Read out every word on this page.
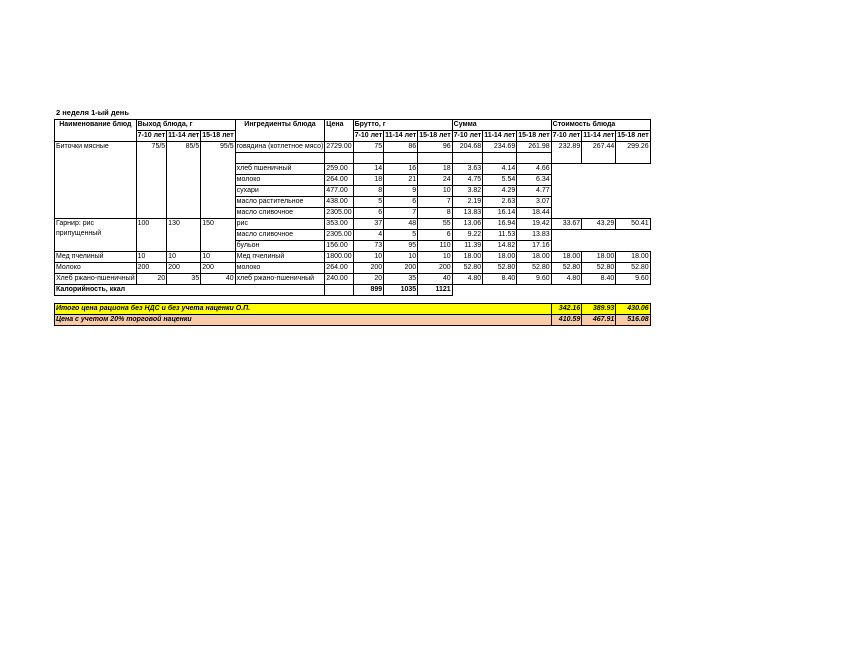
2 неделя 1-ый день
Наименование блюд	Выход блюда, г			Ингредиенты блюда	Цена	Брутто, г			Сумма			Стоимость блюда		
	7-10 лет	11-14 лет	15-18 лет			7-10 лет	11-14 лет	15-18 лет	7-10 лет	11-14 лет	15-18 лет	7-10 лет	11-14 лет	15-18 лет
Биточки мясные	75/5	85/5	95/5	говядина (котлетное мясо)	2729.00	75	86	96	204.68	234.69	261.98	232.89	267.44	299.26

				хлеб пшеничный	259.00	14	16	18	3.63	4.14	4.66			
				молоко	264.00	18	21	24	4.75	5.54	6.34			
				сухари	477.00	8	9	10	3.82	4.29	4.77			
				масло растительное	438.00	5	6	7	2.19	2.63	3.07			
				масло сливочное	2305.00	6	7	8	13.83	16.14	18.44			
Гарнир: рис
припущенный	100	130	150	рис	353.00	37	48	55	13.06	16.94	19.42	33.67	43.29	50.41
				масло сливочное	2305.00	4	5	6	9.22	11.53	13.83			
				бульон	156.00	73	95	110	11.39	14.82	17.16			
Мед пчелиный	10	10	10	Мед пчелиный	1800.00	10	10	10	18.00	18.00	18.00	18.00	18.00	18.00
Молоко	200	200	200	молоко	264.00	200	200	200	52.80	52.80	52.80	52.80	52.80	52.80
Хлеб ржано-пшеничный	20	35	40	хлеб ржано-пшеничный	240.00	20	35	40	4.80	8.40	9.60	4.80	8.40	9.60
Калорийность, ккал						899	1035	1121						

Итого цена рациона без НДС и без учета наценки О.П.												342.16	389.93	430.06
Цена с учетом 20% торговой наценки												410.59	467.91	516.08
